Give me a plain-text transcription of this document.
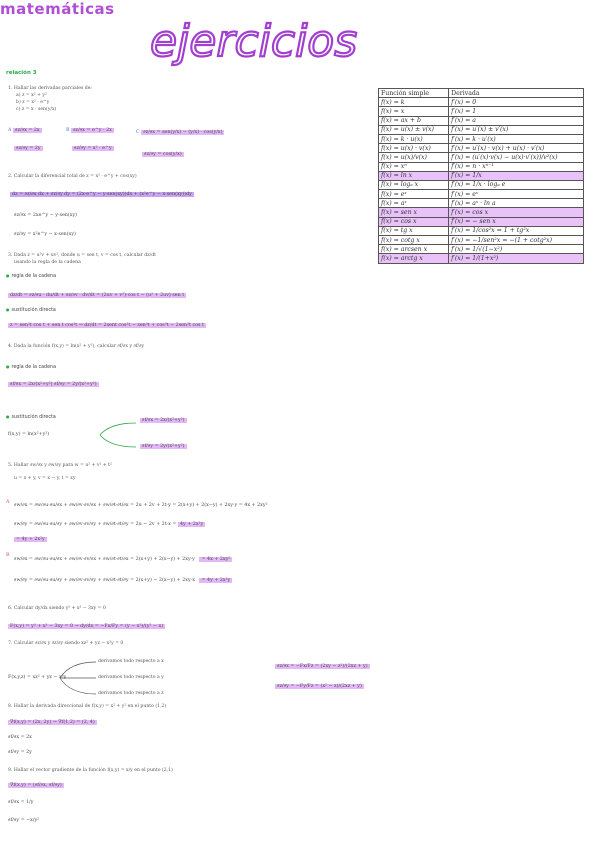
ejercicios
matemáticas
relación 3
1. Hallar las derivadas parciales de:
a) z = x² + y²
b) z = x² · e^y
c) z = x · sen(y/x)
A ∂z/∂x = 2x
∂z/∂y = 2y
B ∂z/∂x = e^y · 2x
∂z/∂y = x² · e^y
C ∂z/∂x = sen(y/x) − (y/x) · cos(y/x)
∂z/∂y = cos(y/x)
2. Calcular la diferencial total de z = x² · e^y + cos(xy)
dz = ∂z/∂x dx + ∂z/∂y dy = (2x·e^y − y·sen(xy))dx + (x²e^y − x·sen(xy))dy
∂z/∂x = 2xe^y − y·sen(xy)
∂z/∂y = x²e^y − x·sen(xy)
3. Dada z = u²v + uv², donde u = sen t, v = cos t, calcular dz/dt
usando la regla de la cadena
● regla de la cadena
dz/dt = ∂z/∂u · du/dt + ∂z/∂v · dv/dt = (2uv + v²)·cos t − (u² + 2uv)·sen t
● sustitución directa
z = sen²t cos t + sen t cos²t → dz/dt = 2sent cos²t − sen³t + cos³t − 2sen²t cos t
4. Dada la función f(x,y) = ln(x² + y²), calcular ∂f/∂x y ∂f/∂y
● regla de la cadena
∂f/∂x = 2x/(x²+y²) ∂f/∂y = 2y/(x²+y²)
● sustitución directa
f(x,y) = ln(x²+y²)
∂f/∂x = 2x/(x²+y²)
∂f/∂y = 2y/(x²+y²)
5. Hallar ∂w/∂x y ∂w/∂y para w = u² + v² + t²
u = x + y, v = x − y, t = xy
A
∂w/∂x = ∂w/∂u·∂u/∂x + ∂w/∂v·∂v/∂x + ∂w/∂t·∂t/∂x = 2u + 2v + 2t·y = 2(x+y) + 2(x−y) + 2xy·y = 4x + 2xy²
∂w/∂y = ∂w/∂u·∂u/∂y + ∂w/∂v·∂v/∂y + ∂w/∂t·∂t/∂y = 2u − 2v + 2t·x = 4y + 2x²y
= 4y + 2x²y
B
∂w/∂x = ∂w/∂u·∂u/∂x + ∂w/∂v·∂v/∂x + ∂w/∂t·∂t/∂x = 2(x+y) + 2(x−y) + 2xy·y   = 4x + 2xy²
∂w/∂y = ∂w/∂u·∂u/∂y + ∂w/∂v·∂v/∂y + ∂w/∂t·∂t/∂y = 2(x+y) − 2(x−y) + 2xy·x   = 4y + 2x²y
6. Calcular dy/dx siendo y³ + x³ − 3xy = 0
F(x,y) = y³ + x³ − 3xy = 0 → dy/dx = −Fx/Fy = (y − x²)/(y² − x)
7. Calcular ∂z/∂x y ∂z/∂y siendo xz² + yz − x²y = 0
F(x,y,z) = xz² + yz − x²y
derivamos todo respecto a x
derivamos todo respecto a y
derivamos todo respecto a z
∂z/∂x = −Fx/Fz = (2xy − z²)/(2xz + y)
∂z/∂y = −Fy/Fz = (x² − z)/(2xz + y)
8. Hallar la derivada direccional de f(x,y) = x² + y² en el punto (1,2)
∇f(x,y) = (2x, 2y) → ∇f(1,2) = (2, 4)
∂f/∂x = 2x
∂f/∂y = 2y
9. Hallar el vector gradiente de la función f(x,y) = x/y en el punto (2,1)
∇f(x,y) = (∂f/∂x, ∂f/∂y)
∂f/∂x = 1/y
∂f/∂y = −x/y²
Función simple	Derivada
f(x) = k	f′(x) = 0
f(x) = x	f′(x) = 1
f(x) = ax + b	f′(x) = a
f(x) = u(x) ± v(x)	f′(x) = u′(x) ± v′(x)
f(x) = k · u(x)	f′(x) = k · u′(x)
f(x) = u(x) · v(x)	f′(x) = u′(x) · v(x) + u(x) · v′(x)
f(x) = u(x)/v(x)	f′(x) = (u′(x)·v(x) − u(x)·v′(x))/v²(x)
f(x) = xⁿ	f′(x) = n · xⁿ⁻¹
f(x) = ln x	f′(x) = 1/x
f(x) = logₐ x	f′(x) = 1/x · logₐ e
f(x) = eˣ	f′(x) = eˣ
f(x) = aˣ	f′(x) = aˣ · ln a
f(x) = sen x	f′(x) = cos x
f(x) = cos x	f′(x) = − sen x
f(x) = tg x	f′(x) = 1/cos²x = 1 + tg²x
f(x) = cotg x	f′(x) = −1/sen²x = −(1 + cotg²x)
f(x) = arcsen x	f′(x) = 1/√(1−x²)
f(x) = arctg x	f′(x) = 1/(1+x²)
